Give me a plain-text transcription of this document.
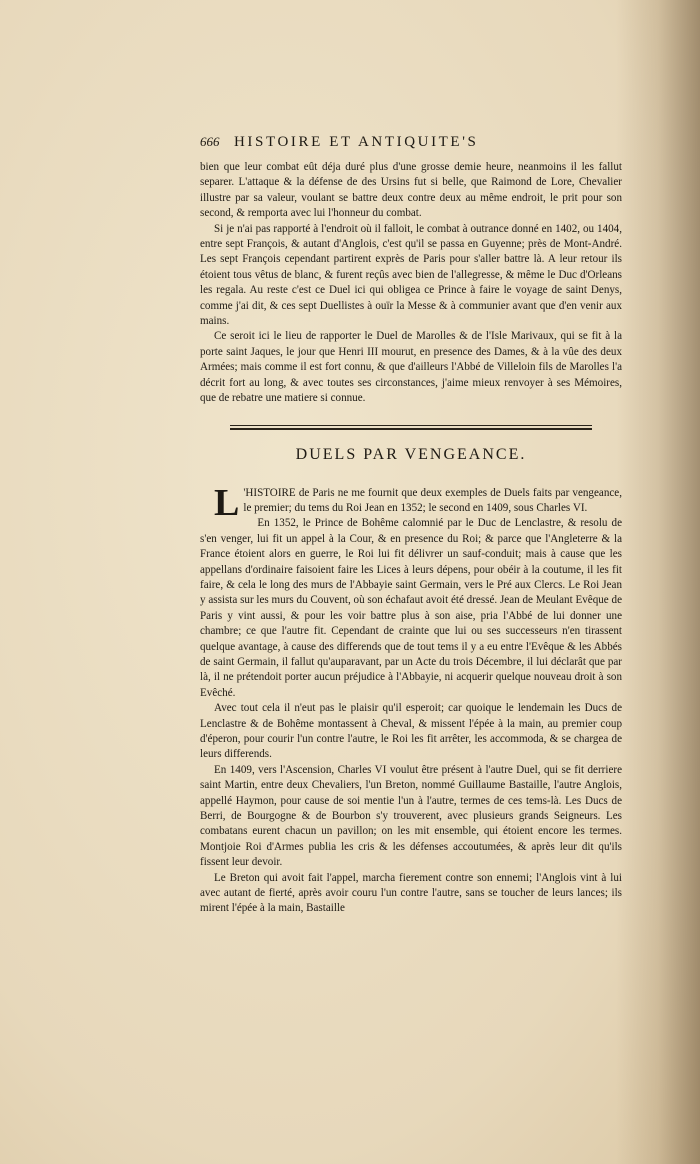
666 HISTOIRE ET ANTIQUITE'S

bien que leur combat eût déja duré plus d'une grosse demie heure, neanmoins il les fallut separer. L'attaque & la défense de des Ursins fut si belle, que Raimond de Lore, Chevalier illustre par sa valeur, voulant se battre deux contre deux au même endroit, le prit pour son second, & remporta avec lui l'honneur du combat.

Si je n'ai pas rapporté à l'endroit où il falloit, le combat à outrance donné en 1402, ou 1404, entre sept François, & autant d'Anglois, c'est qu'il se passa en Guyenne; près de Mont-André. Les sept François cependant partirent exprès de Paris pour s'aller battre là. A leur retour ils étoient tous vêtus de blanc, & furent reçûs avec bien de l'allegresse, & même le Duc d'Orleans les regala. Au reste c'est ce Duel ici qui obligea ce Prince à faire le voyage de saint Denys, comme j'ai dit, & ces sept Duellistes à ouïr la Messe & à communier avant que d'en venir aux mains.

Ce seroit ici le lieu de rapporter le Duel de Marolles & de l'Isle Marivaux, qui se fit à la porte saint Jaques, le jour que Henri III mourut, en presence des Dames, & à la vûe des deux Armées; mais comme il est fort connu, & que d'ailleurs l'Abbé de Villeloin fils de Marolles l'a décrit fort au long, & avec toutes ses circonstances, j'aime mieux renvoyer à ses Mémoires, que de rebatre une matiere si connue.

DUELS PAR VENGEANCE.

L 'HISTOIRE de Paris ne me fournit que deux exemples de Duels faits par vengeance, le premier; du tems du Roi Jean en 1352; le second en 1409, sous Charles VI.

En 1352, le Prince de Bohême calomnié par le Duc de Lenclastre, & resolu de s'en venger, lui fit un appel à la Cour, & en presence du Roi; & parce que l'Angleterre & la France étoient alors en guerre, le Roi lui fit délivrer un sauf-conduit; mais à cause que les appellans d'ordinaire faisoient faire les Lices à leurs dépens, pour obéir à la coutume, il les fit faire, & cela le long des murs de l'Abbayie saint Germain, vers le Pré aux Clercs. Le Roi Jean y assista sur les murs du Couvent, où son échafaut avoit été dressé. Jean de Meulant Evêque de Paris y vint aussi, & pour les voir battre plus à son aise, pria l'Abbé de lui donner une chambre; ce que l'autre fit. Cependant de crainte que lui ou ses successeurs n'en tirassent quelque avantage, à cause des differends que de tout tems il y a eu entre l'Evêque & les Abbés de saint Germain, il fallut qu'auparavant, par un Acte du trois Décembre, il lui déclarât que par là, il ne prétendoit porter aucun préjudice à l'Abbayie, ni acquerir quelque nouveau droit à son Evêché.

Avec tout cela il n'eut pas le plaisir qu'il esperoit; car quoique le lendemain les Ducs de Lenclastre & de Bohême montassent à Cheval, & missent l'épée à la main, au premier coup d'éperon, pour courir l'un contre l'autre, le Roi les fit arrêter, les accommoda, & se chargea de leurs differends.

En 1409, vers l'Ascension, Charles VI voulut être présent à l'autre Duel, qui se fit derriere saint Martin, entre deux Chevaliers, l'un Breton, nommé Guillaume Bastaille, l'autre Anglois, appellé Haymon, pour cause de soi mentie l'un à l'autre, termes de ces tems-là. Les Ducs de Berri, de Bourgogne & de Bourbon s'y trouverent, avec plusieurs grands Seigneurs. Les combatans eurent chacun un pavillon; on les mit ensemble, qui étoient encore les termes. Montjoie Roi d'Armes publia les cris & les défenses accoutumées, & après leur dit qu'ils fissent leur devoir.

Le Breton qui avoit fait l'appel, marcha fierement contre son ennemi; l'Anglois vint à lui avec autant de fierté, après avoir couru l'un contre l'autre, sans se toucher de leurs lances; ils mirent l'épée à la main, Bastaille
